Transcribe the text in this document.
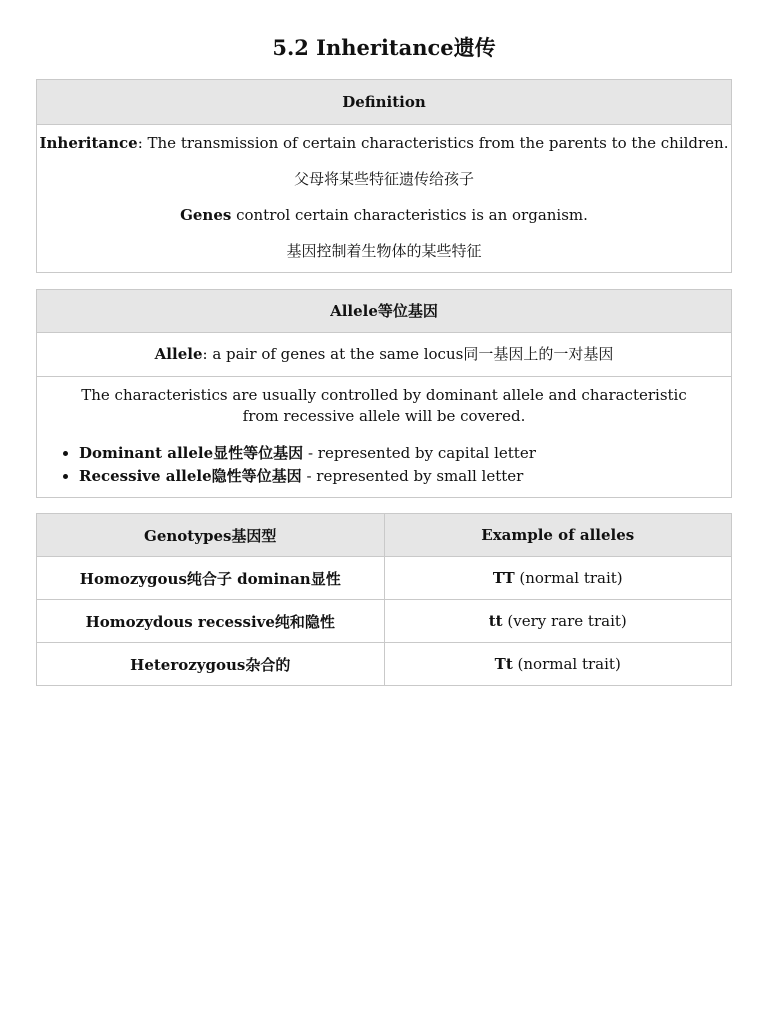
5.2 Inheritance遗传
Definition
Inheritance: The transmission of certain characteristics from the parents to the children.
父母将某些特征遗传给孩子
Genes control certain characteristics is an organism.
基因控制着生物体的某些特征
Allele等位基因
Allele: a pair of genes at the same locus同一基因上的一对基因
The characteristics are usually controlled by dominant allele and characteristic from recessive allele will be covered.
• Dominant allele显性等位基因 - represented by capital letter
• Recessive allele隐性等位基因 - represented by small letter
Genotypes基因型	Example of alleles
Homozygous纯合子 dominan显性	TT (normal trait)
Homozydous recessive纯和隐性	tt (very rare trait)
Heterozygous杂合的	Tt (normal trait)
